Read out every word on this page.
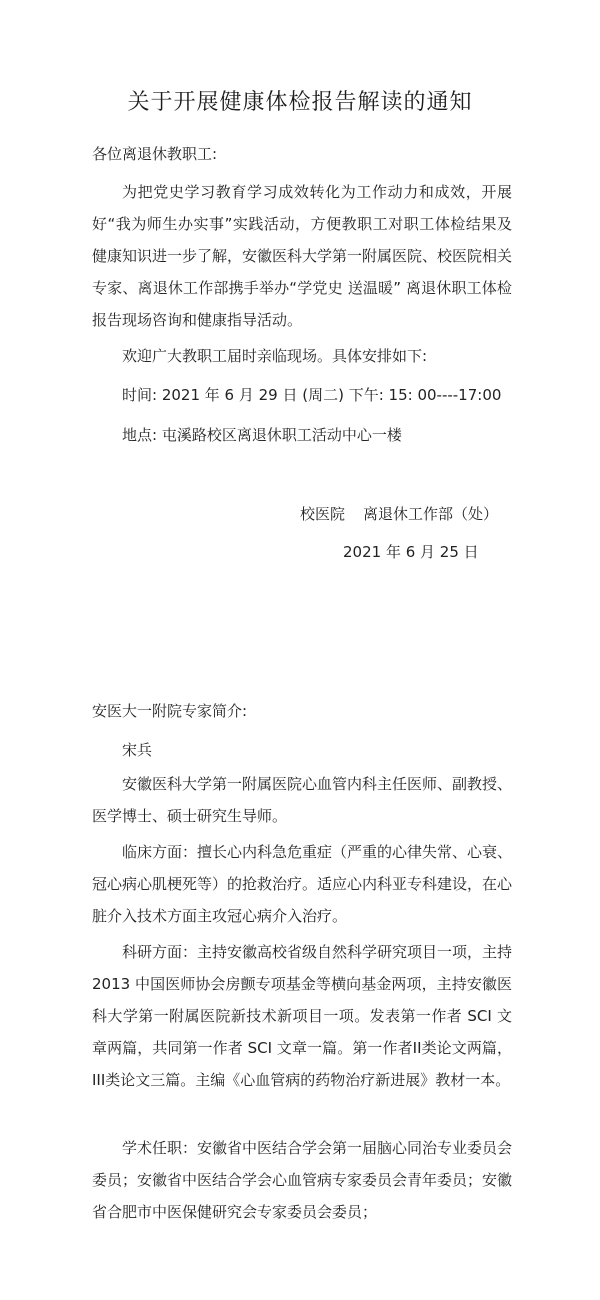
关于开展健康体检报告解读的通知
各位离退休教职工:
为把党史学习教育学习成效转化为工作动力和成效，开展好“我为师生办实事”实践活动，方便教职工对职工体检结果及健康知识进一步了解，安徽医科大学第一附属医院、校医院相关专家、离退休工作部携手举办“学党史 送温暖” 离退休职工体检报告现场咨询和健康指导活动。
欢迎广大教职工届时亲临现场。具体安排如下:
时间: 2021 年 6 月 29 日 (周二) 下午: 15: 00----17:00
地点: 屯溪路校区离退休职工活动中心一楼
校医院 离退休工作部（处）
2021 年 6 月 25 日
安医大一附院专家简介:
宋兵
安徽医科大学第一附属医院心血管内科主任医师、副教授、医学博士、硕士研究生导师。
临床方面：擅长心内科急危重症（严重的心律失常、心衰、冠心病心肌梗死等）的抢救治疗。适应心内科亚专科建设，在心脏介入技术方面主攻冠心病介入治疗。
科研方面：主持安徽高校省级自然科学研究项目一项，主持 2013 中国医师协会房颤专项基金等横向基金两项，主持安徽医科大学第一附属医院新技术新项目一项。发表第一作者 SCI 文章两篇，共同第一作者 SCI 文章一篇。第一作者II类论文两篇，III类论文三篇。主编《心血管病的药物治疗新进展》教材一本。
学术任职：安徽省中医结合学会第一届脑心同治专业委员会委员；安徽省中医结合学会心血管病专家委员会青年委员；安徽省合肥市中医保健研究会专家委员会委员；
